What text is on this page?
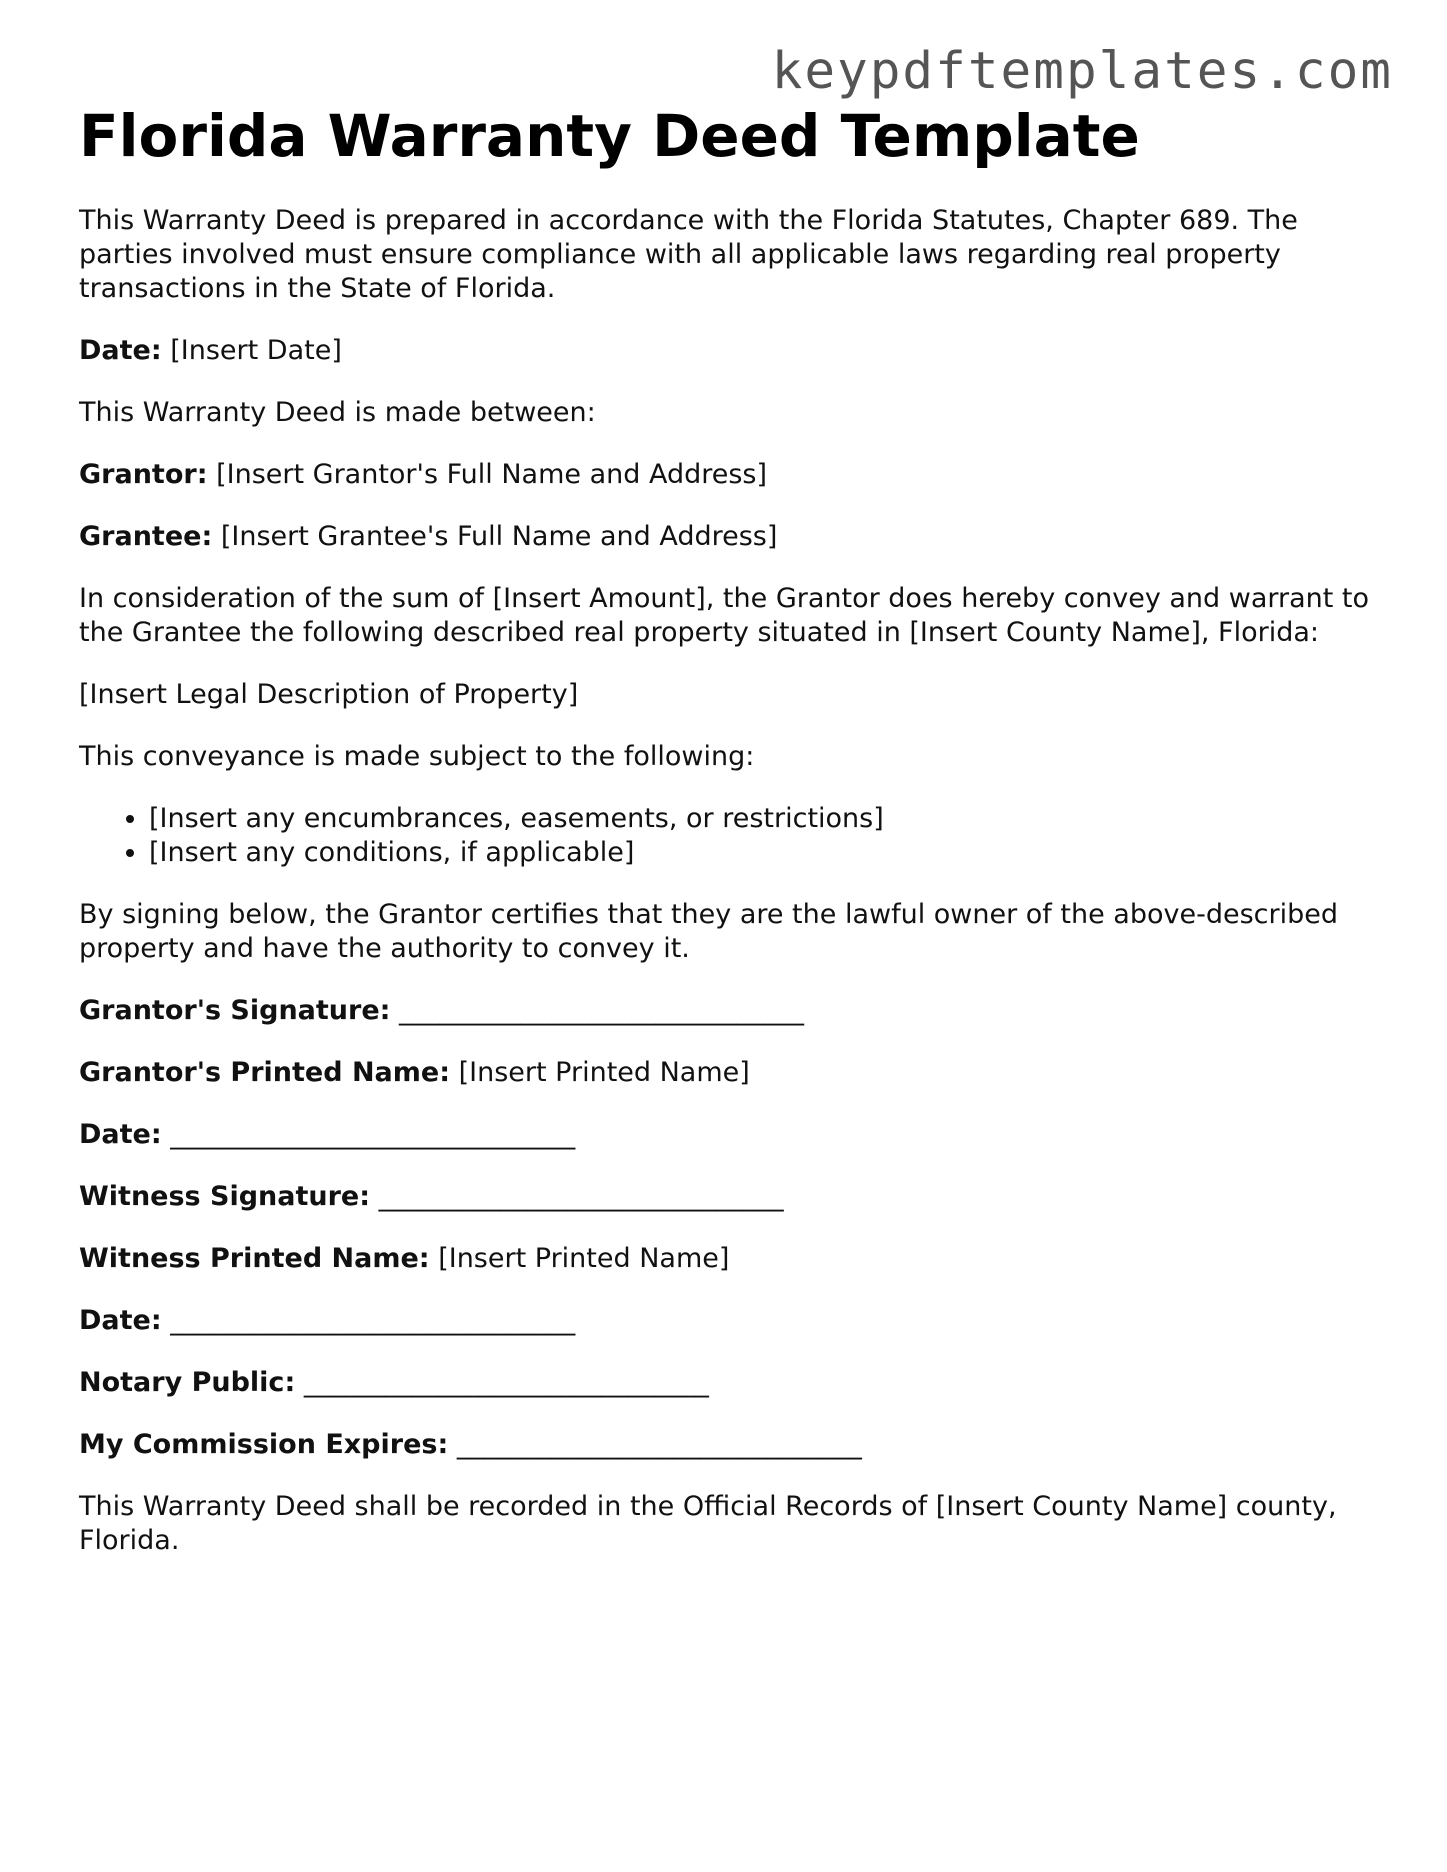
keypdftemplates.com
Florida Warranty Deed Template

This Warranty Deed is prepared in accordance with the Florida Statutes, Chapter 689. The parties involved must ensure compliance with all applicable laws regarding real property transactions in the State of Florida.

Date: [Insert Date]

This Warranty Deed is made between:

Grantor: [Insert Grantor's Full Name and Address]

Grantee: [Insert Grantee's Full Name and Address]

In consideration of the sum of [Insert Amount], the Grantor does hereby convey and warrant to the Grantee the following described real property situated in [Insert County Name], Florida:

[Insert Legal Description of Property]

This conveyance is made subject to the following:

• [Insert any encumbrances, easements, or restrictions]
• [Insert any conditions, if applicable]

By signing below, the Grantor certifies that they are the lawful owner of the above-described property and have the authority to convey it.

Grantor's Signature: ______________________________

Grantor's Printed Name: [Insert Printed Name]

Date: ______________________________

Witness Signature: ______________________________

Witness Printed Name: [Insert Printed Name]

Date: ______________________________

Notary Public: ______________________________

My Commission Expires: ______________________________

This Warranty Deed shall be recorded in the Official Records of [Insert County Name] county, Florida.
